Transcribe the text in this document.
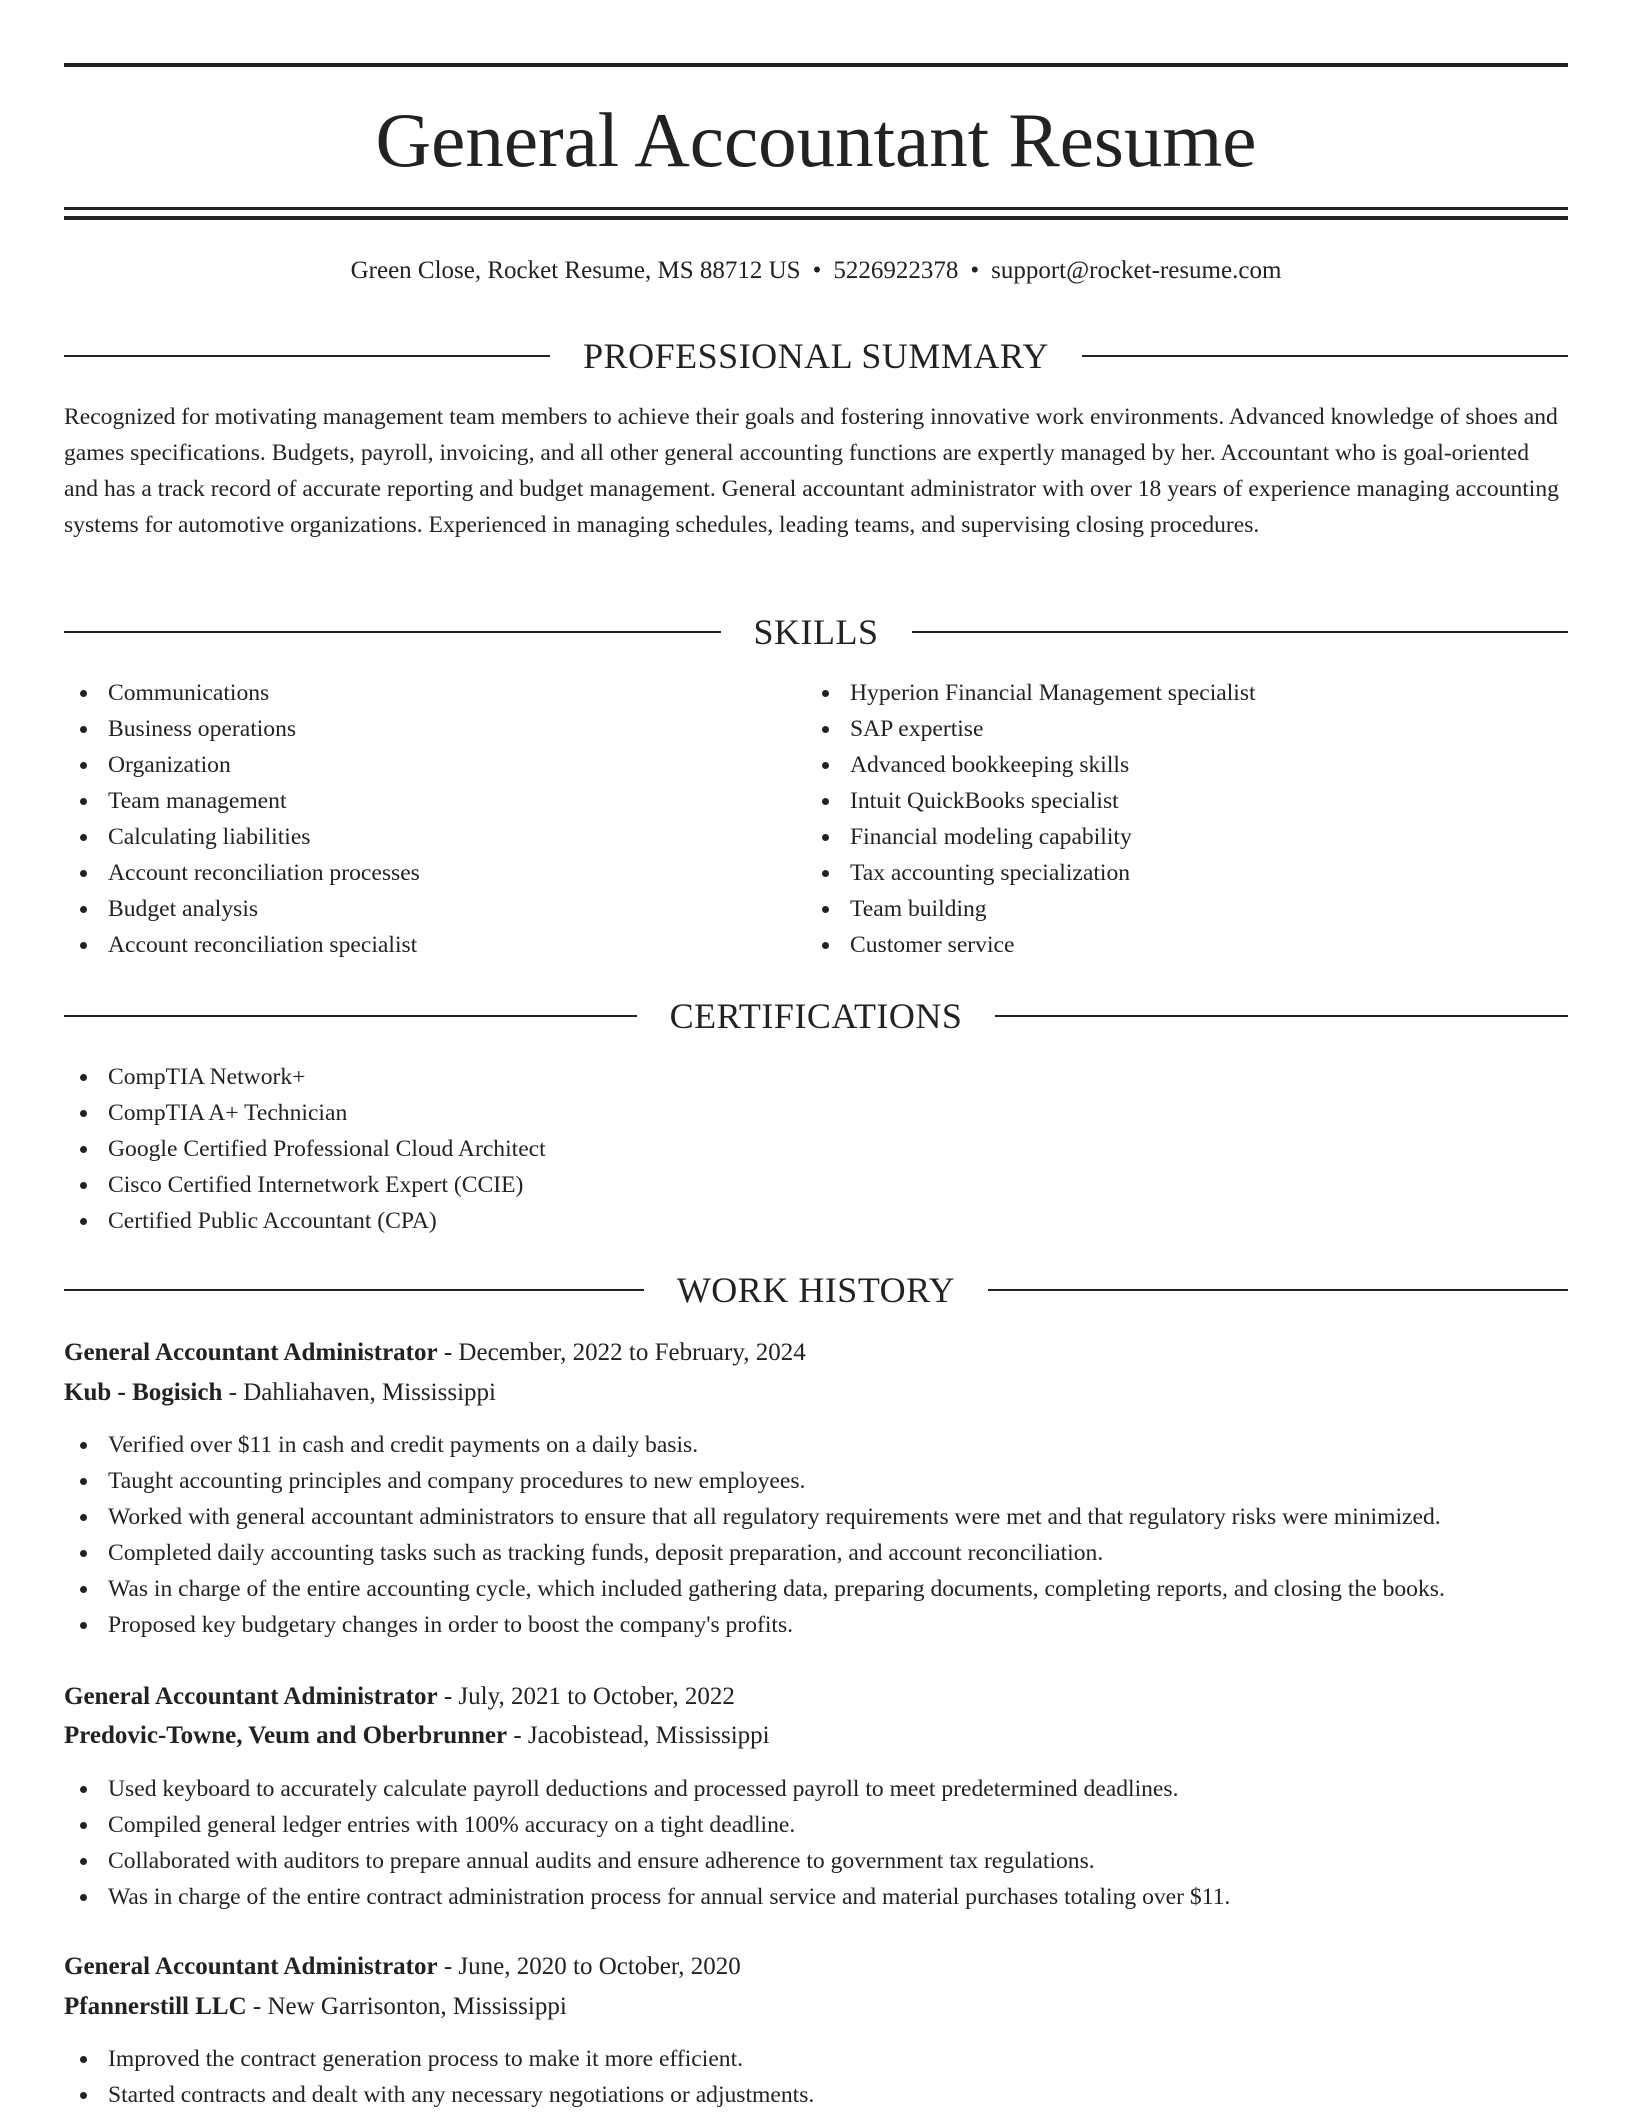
General Accountant Resume
Green Close, Rocket Resume, MS 88712 US • 5226922378 • support@rocket-resume.com
PROFESSIONAL SUMMARY

Recognized for motivating management team members to achieve their goals and fostering innovative work environments. Advanced knowledge of shoes and games specifications. Budgets, payroll, invoicing, and all other general accounting functions are expertly managed by her. Accountant who is goal-oriented and has a track record of accurate reporting and budget management. General accountant administrator with over 18 years of experience managing accounting systems for automotive organizations. Experienced in managing schedules, leading teams, and supervising closing procedures.

SKILLS
Communications
Business operations
Organization
Team management
Calculating liabilities
Account reconciliation processes
Budget analysis
Account reconciliation specialist
Hyperion Financial Management specialist
SAP expertise
Advanced bookkeeping skills
Intuit QuickBooks specialist
Financial modeling capability
Tax accounting specialization
Team building
Customer service
CERTIFICATIONS
CompTIA Network+
CompTIA A+ Technician
Google Certified Professional Cloud Architect
Cisco Certified Internetwork Expert (CCIE)
Certified Public Accountant (CPA)
WORK HISTORY
General Accountant Administrator - December, 2022 to February, 2024
Kub - Bogisich - Dahliahaven, Mississippi
Verified over $11 in cash and credit payments on a daily basis.
Taught accounting principles and company procedures to new employees.
Worked with general accountant administrators to ensure that all regulatory requirements were met and that regulatory risks were minimized.
Completed daily accounting tasks such as tracking funds, deposit preparation, and account reconciliation.
Was in charge of the entire accounting cycle, which included gathering data, preparing documents, completing reports, and closing the books.
Proposed key budgetary changes in order to boost the company's profits.
General Accountant Administrator - July, 2021 to October, 2022
Predovic-Towne, Veum and Oberbrunner - Jacobistead, Mississippi
Used keyboard to accurately calculate payroll deductions and processed payroll to meet predetermined deadlines.
Compiled general ledger entries with 100% accuracy on a tight deadline.
Collaborated with auditors to prepare annual audits and ensure adherence to government tax regulations.
Was in charge of the entire contract administration process for annual service and material purchases totaling over $11.
General Accountant Administrator - June, 2020 to October, 2020
Pfannerstill LLC - New Garrisonton, Mississippi
Improved the contract generation process to make it more efficient.
Started contracts and dealt with any necessary negotiations or adjustments.
